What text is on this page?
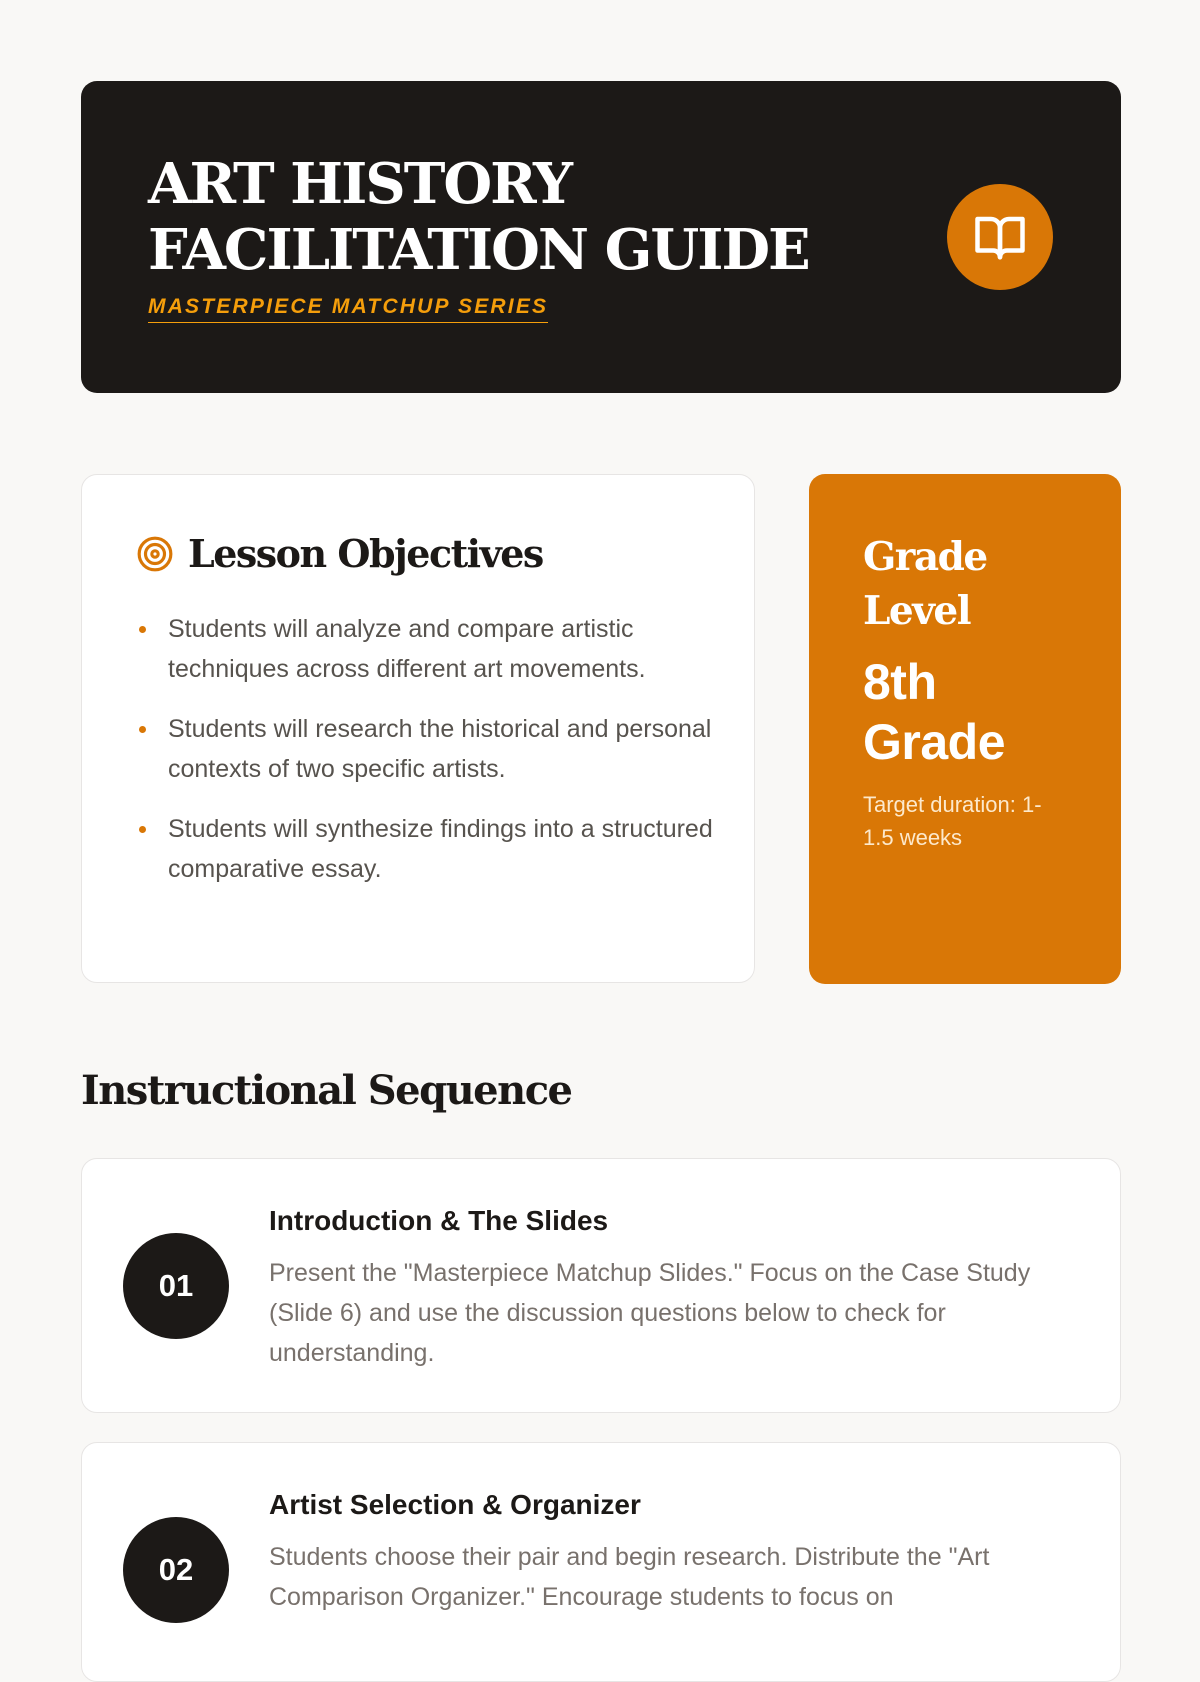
ART HISTORY
FACILITATION GUIDE
MASTERPIECE MATCHUP SERIES
Lesson Objectives
Students will analyze and compare artistic techniques across different art movements.
Students will research the historical and personal contexts of two specific artists.
Students will synthesize findings into a structured comparative essay.
Grade
Level
8th
Grade
Target duration: 1-1.5 weeks
Instructional Sequence
01
Introduction & The Slides
Present the "Masterpiece Matchup Slides." Focus on the Case Study (Slide 6) and use the discussion questions below to check for understanding.
02
Artist Selection & Organizer
Students choose their pair and begin research. Distribute the "Art Comparison Organizer." Encourage students to focus on
